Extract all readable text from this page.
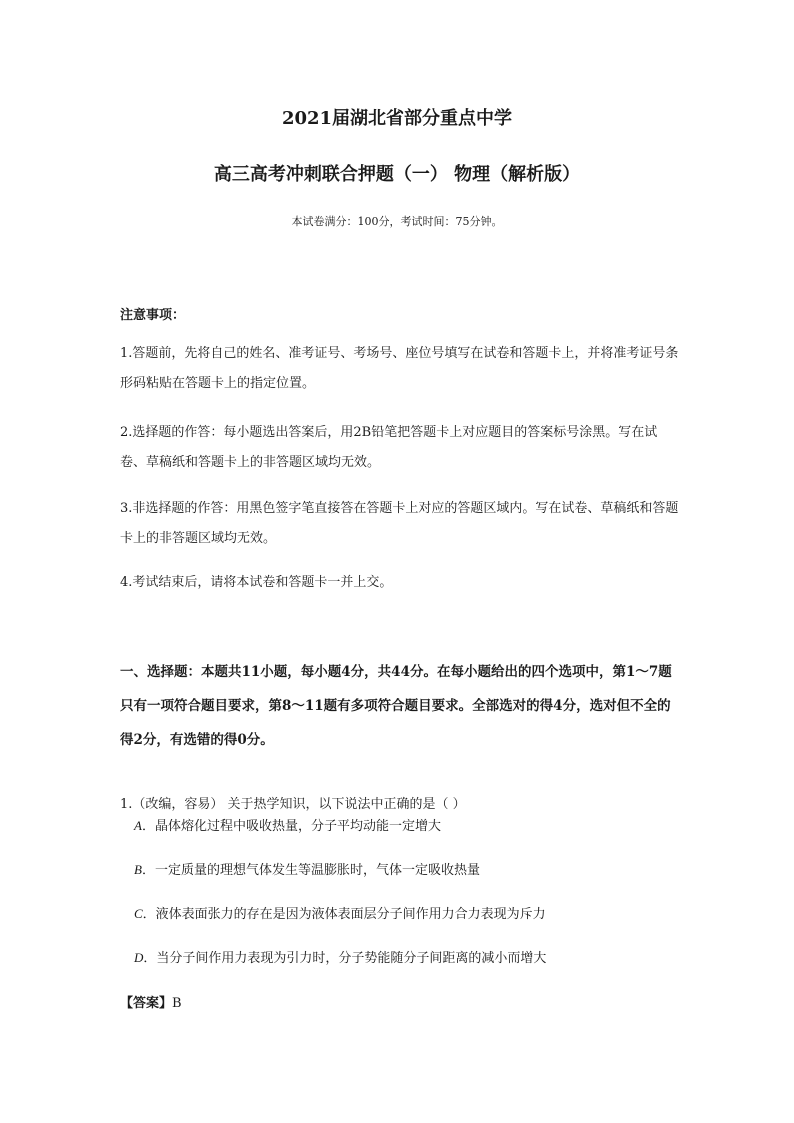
2021届湖北省部分重点中学
高三高考冲刺联合押题（一） 物理（解析版）
本试卷满分：100分，考试时间：75分钟。
注意事项：
1.答题前，先将自己的姓名、准考证号、考场号、座位号填写在试卷和答题卡上，并将准考证号条形码粘贴在答题卡上的指定位置。
2.选择题的作答：每小题选出答案后，用2B铅笔把答题卡上对应题目的答案标号涂黑。写在试卷、草稿纸和答题卡上的非答题区域均无效。
3.非选择题的作答：用黑色签字笔直接答在答题卡上对应的答题区域内。写在试卷、草稿纸和答题卡上的非答题区域均无效。
4.考试结束后，请将本试卷和答题卡一并上交。
一、选择题：本题共11小题，每小题4分，共44分。在每小题给出的四个选项中，第1～7题只有一项符合题目要求，第8～11题有多项符合题目要求。全部选对的得4分，选对但不全的得2分，有选错的得0分。
1.（改编，容易） 关于热学知识，以下说法中正确的是（ ）
A．晶体熔化过程中吸收热量，分子平均动能一定增大
B．一定质量的理想气体发生等温膨胀时，气体一定吸收热量
C．液体表面张力的存在是因为液体表面层分子间作用力合力表现为斥力
D．当分子间作用力表现为引力时，分子势能随分子间距离的减小而增大
【答案】B
